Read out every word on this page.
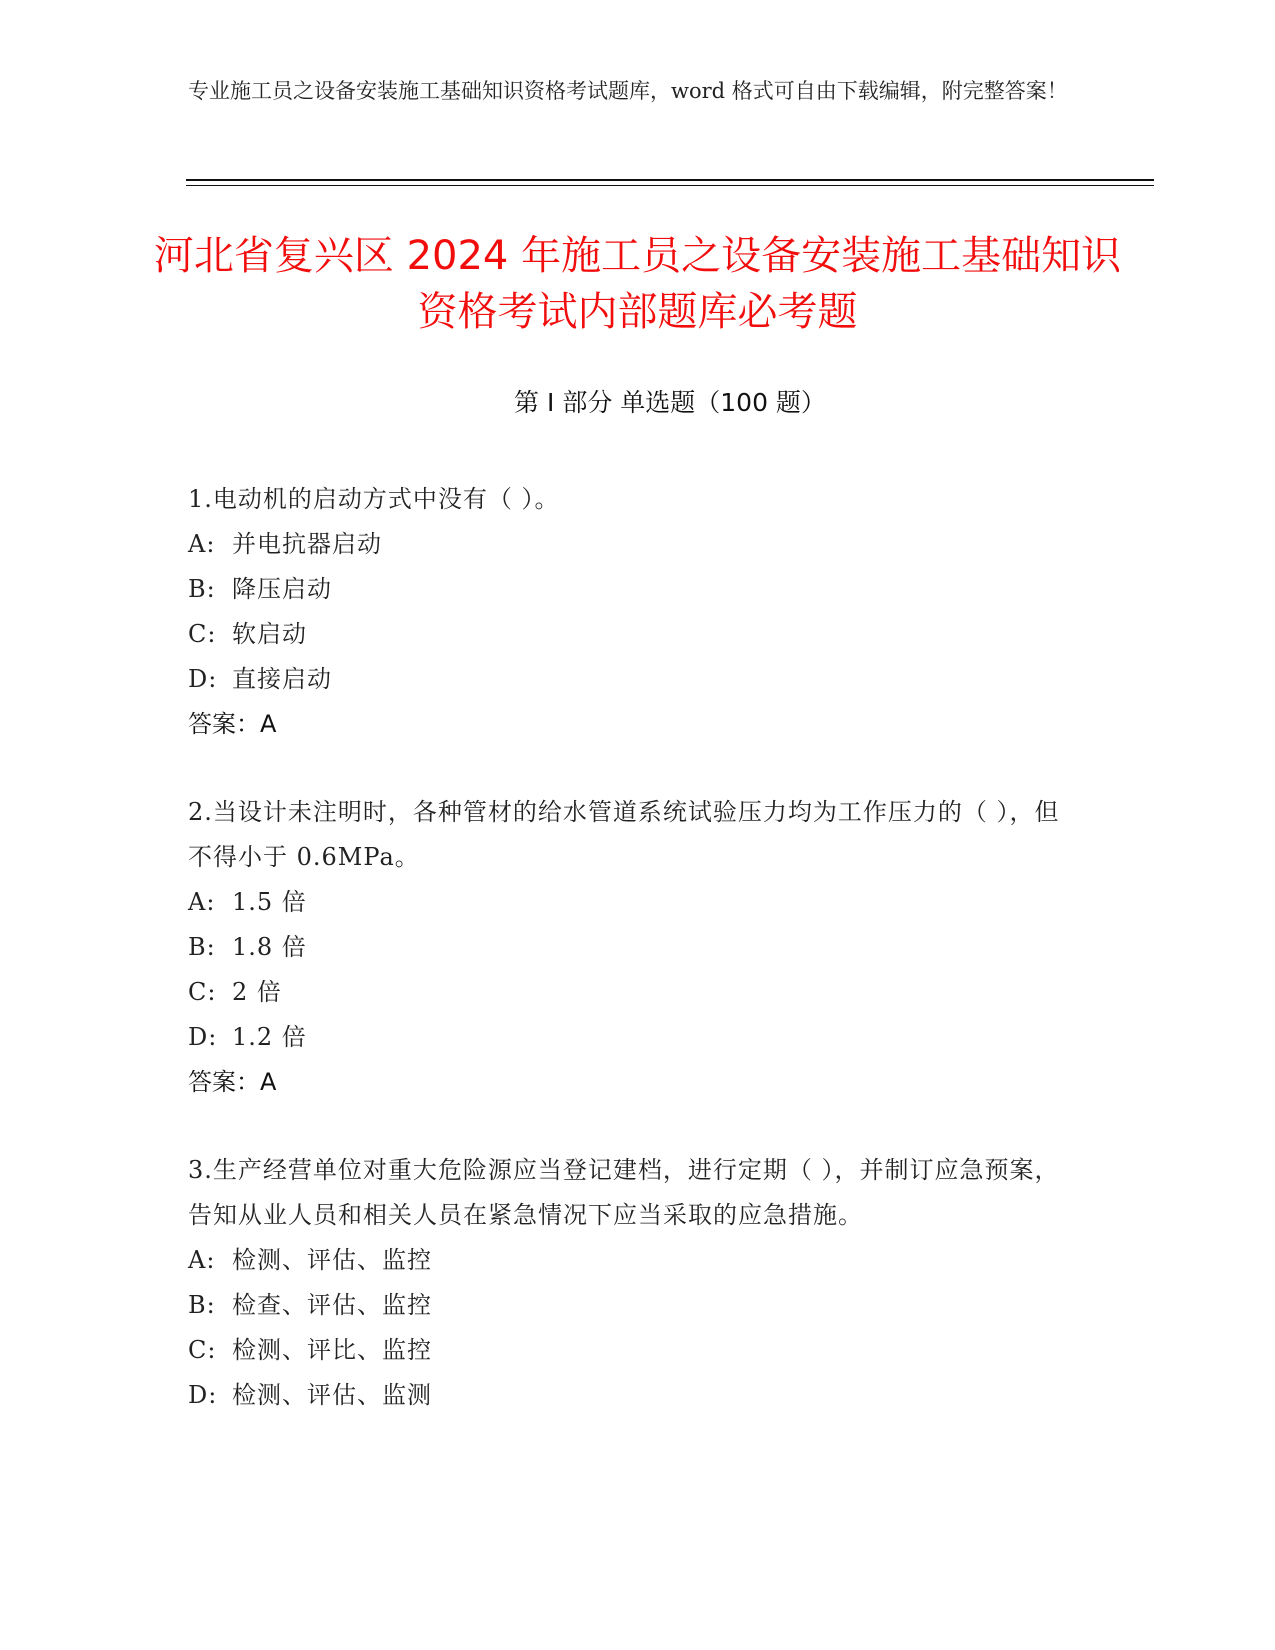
专业施工员之设备安装施工基础知识资格考试题库，word 格式可自由下载编辑，附完整答案！
河北省复兴区 2024 年施工员之设备安装施工基础知识资格考试内部题库必考题
第 I 部分 单选题（100 题）
1.电动机的启动方式中没有（ ）。
A: 并电抗器启动
B: 降压启动
C: 软启动
D: 直接启动
答案：A
2.当设计未注明时，各种管材的给水管道系统试验压力均为工作压力的（ ），但不得小于 0.6MPa。
A: 1.5 倍
B: 1.8 倍
C: 2 倍
D: 1.2 倍
答案：A
3.生产经营单位对重大危险源应当登记建档，进行定期（ ），并制订应急预案，告知从业人员和相关人员在紧急情况下应当采取的应急措施。
A: 检测、评估、监控
B: 检查、评估、监控
C: 检测、评比、监控
D: 检测、评估、监测
